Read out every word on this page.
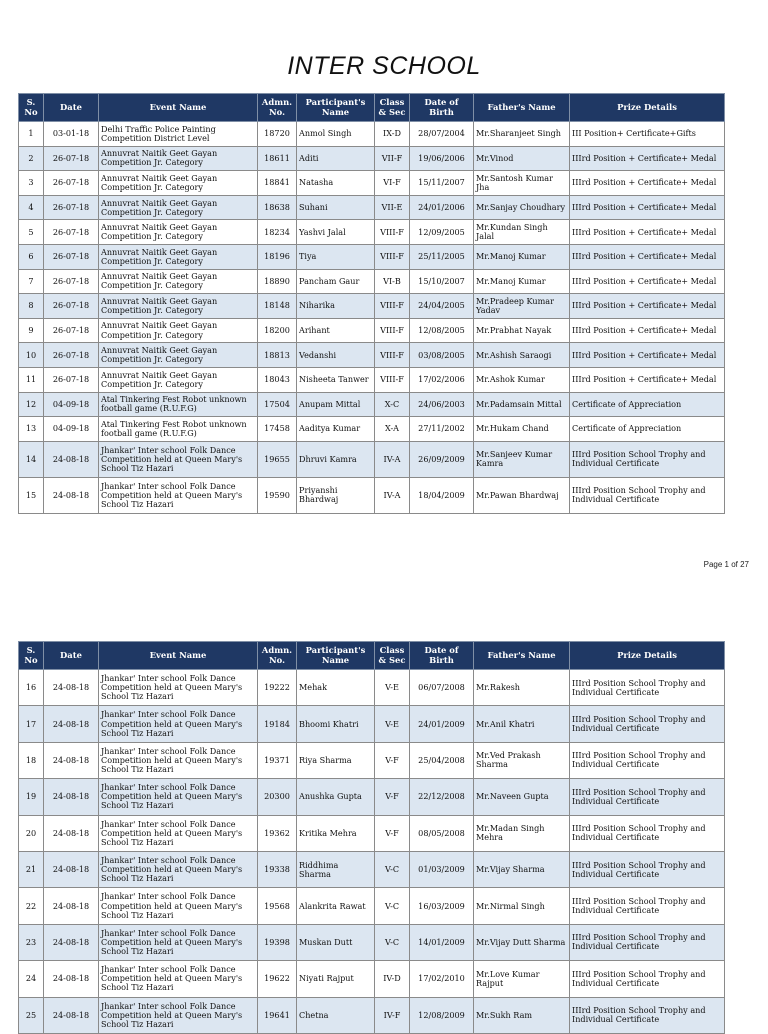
INTER SCHOOL
S. No	Date	Event Name	Admn. No.	Participant's Name	Class & Sec	Date of Birth	Father's Name	Prize Details
1	03-01-18	Delhi Traffic Police Painting Competition District Level	18720	Anmol Singh	IX-D	28/07/2004	Mr.Sharanjeet Singh	III Position+ Certificate+Gifts
2	26-07-18	Annuvrat Naitik Geet Gayan Competition Jr. Category	18611	Aditi	VII-F	19/06/2006	Mr.Vinod	IIIrd Position + Certificate+ Medal
3	26-07-18	Annuvrat Naitik Geet Gayan Competition Jr. Category	18841	Natasha	VI-F	15/11/2007	Mr.Santosh Kumar Jha	IIIrd Position + Certificate+ Medal
4	26-07-18	Annuvrat Naitik Geet Gayan Competition Jr. Category	18638	Suhani	VII-E	24/01/2006	Mr.Sanjay Choudhary	IIIrd Position + Certificate+ Medal
5	26-07-18	Annuvrat Naitik Geet Gayan Competition Jr. Category	18234	Yashvi Jalal	VIII-F	12/09/2005	Mr.Kundan Singh Jalal	IIIrd Position + Certificate+ Medal
6	26-07-18	Annuvrat Naitik Geet Gayan Competition Jr. Category	18196	Tiya	VIII-F	25/11/2005	Mr.Manoj Kumar	IIIrd Position + Certificate+ Medal
7	26-07-18	Annuvrat Naitik Geet Gayan Competition Jr. Category	18890	Pancham Gaur	VI-B	15/10/2007	Mr.Manoj Kumar	IIIrd Position + Certificate+ Medal
8	26-07-18	Annuvrat Naitik Geet Gayan Competition Jr. Category	18148	Niharika	VIII-F	24/04/2005	Mr.Pradeep Kumar Yadav	IIIrd Position + Certificate+ Medal
9	26-07-18	Annuvrat Naitik Geet Gayan Competition Jr. Category	18200	Arihant	VIII-F	12/08/2005	Mr.Prabhat Nayak	IIIrd Position + Certificate+ Medal
10	26-07-18	Annuvrat Naitik Geet Gayan Competition Jr. Category	18813	Vedanshi	VIII-F	03/08/2005	Mr.Ashish Saraogi	IIIrd Position + Certificate+ Medal
11	26-07-18	Annuvrat Naitik Geet Gayan Competition Jr. Category	18043	Nisheeta Tanwer	VIII-F	17/02/2006	Mr.Ashok Kumar	IIIrd Position + Certificate+ Medal
12	04-09-18	Atal Tinkering Fest Robot unknown football game (R.U.F.G)	17504	Anupam Mittal	X-C	24/06/2003	Mr.Padamsain Mittal	Certificate of Appreciation
13	04-09-18	Atal Tinkering Fest Robot unknown football game (R.U.F.G)	17458	Aaditya Kumar	X-A	27/11/2002	Mr.Hukam Chand	Certificate of Appreciation
14	24-08-18	Jhankar' Inter school Folk Dance Competition held at Queen Mary's School Tiz Hazari	19655	Dhruvi Kamra	IV-A	26/09/2009	Mr.Sanjeev Kumar Kamra	IIIrd Position School Trophy and Individual Certificate
15	24-08-18	Jhankar' Inter school Folk Dance Competition held at Queen Mary's School Tiz Hazari	19590	Priyanshi Bhardwaj	IV-A	18/04/2009	Mr.Pawan Bhardwaj	IIIrd Position School Trophy and Individual Certificate
Page 1 of 27
S. No	Date	Event Name	Admn. No.	Participant's Name	Class & Sec	Date of Birth	Father's Name	Prize Details
16	24-08-18	Jhankar' Inter school Folk Dance Competition held at Queen Mary's School Tiz Hazari	19222	Mehak	V-E	06/07/2008	Mr.Rakesh	IIIrd Position School Trophy and Individual Certificate
17	24-08-18	Jhankar' Inter school Folk Dance Competition held at Queen Mary's School Tiz Hazari	19184	Bhoomi Khatri	V-E	24/01/2009	Mr.Anil Khatri	IIIrd Position School Trophy and Individual Certificate
18	24-08-18	Jhankar' Inter school Folk Dance Competition held at Queen Mary's School Tiz Hazari	19371	Riya Sharma	V-F	25/04/2008	Mr.Ved Prakash Sharma	IIIrd Position School Trophy and Individual Certificate
19	24-08-18	Jhankar' Inter school Folk Dance Competition held at Queen Mary's School Tiz Hazari	20300	Anushka Gupta	V-F	22/12/2008	Mr.Naveen Gupta	IIIrd Position School Trophy and Individual Certificate
20	24-08-18	Jhankar' Inter school Folk Dance Competition held at Queen Mary's School Tiz Hazari	19362	Kritika Mehra	V-F	08/05/2008	Mr.Madan Singh Mehra	IIIrd Position School Trophy and Individual Certificate
21	24-08-18	Jhankar' Inter school Folk Dance Competition held at Queen Mary's School Tiz Hazari	19338	Riddhima Sharma	V-C	01/03/2009	Mr.Vijay Sharma	IIIrd Position School Trophy and Individual Certificate
22	24-08-18	Jhankar' Inter school Folk Dance Competition held at Queen Mary's School Tiz Hazari	19568	Alankrita Rawat	V-C	16/03/2009	Mr.Nirmal Singh	IIIrd Position School Trophy and Individual Certificate
23	24-08-18	Jhankar' Inter school Folk Dance Competition held at Queen Mary's School Tiz Hazari	19398	Muskan Dutt	V-C	14/01/2009	Mr.Vijay Dutt Sharma	IIIrd Position School Trophy and Individual Certificate
24	24-08-18	Jhankar' Inter school Folk Dance Competition held at Queen Mary's School Tiz Hazari	19622	Niyati Rajput	IV-D	17/02/2010	Mr.Love Kumar Rajput	IIIrd Position School Trophy and Individual Certificate
25	24-08-18	Jhankar' Inter school Folk Dance Competition held at Queen Mary's School Tiz Hazari	19641	Chetna	IV-F	12/08/2009	Mr.Sukh Ram	IIIrd Position School Trophy and Individual Certificate
